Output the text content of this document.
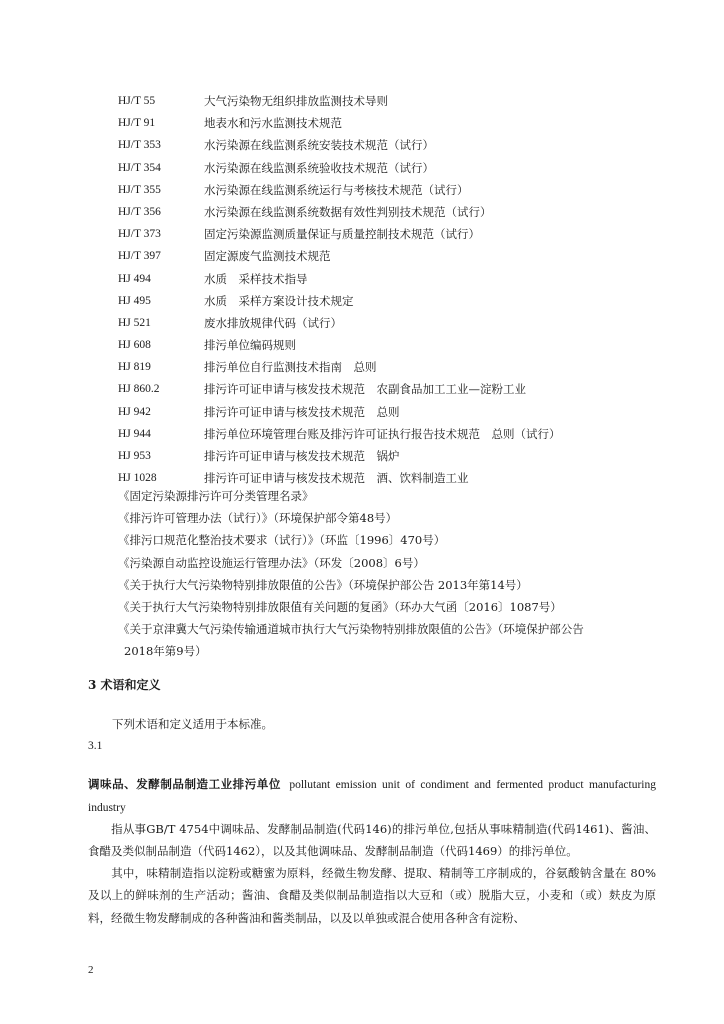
HJ/T 55	大气污染物无组织排放监测技术导则
HJ/T 91	地表水和污水监测技术规范
HJ/T 353	水污染源在线监测系统安装技术规范（试行）
HJ/T 354	水污染源在线监测系统验收技术规范（试行）
HJ/T 355	水污染源在线监测系统运行与考核技术规范（试行）
HJ/T 356	水污染源在线监测系统数据有效性判别技术规范（试行）
HJ/T 373	固定污染源监测质量保证与质量控制技术规范（试行）
HJ/T 397	固定源废气监测技术规范
HJ 494	水质　采样技术指导
HJ 495	水质　采样方案设计技术规定
HJ 521	废水排放规律代码（试行）
HJ 608	排污单位编码规则
HJ 819	排污单位自行监测技术指南　总则
HJ 860.2	排污许可证申请与核发技术规范　农副食品加工工业—淀粉工业
HJ 942	排污许可证申请与核发技术规范　总则
HJ 944	排污单位环境管理台账及排污许可证执行报告技术规范　总则（试行）
HJ 953	排污许可证申请与核发技术规范　锅炉
HJ 1028	排污许可证申请与核发技术规范　酒、饮料制造工业
《固定污染源排污许可分类管理名录》
《排污许可管理办法（试行）》（环境保护部令第48号）
《排污口规范化整治技术要求（试行）》（环监〔1996〕470号）
《污染源自动监控设施运行管理办法》（环发〔2008〕6号）
《关于执行大气污染物特别排放限值的公告》（环境保护部公告 2013年第14号）
《关于执行大气污染物特别排放限值有关问题的复函》（环办大气函〔2016〕1087号）
《关于京津冀大气污染传输通道城市执行大气污染物特别排放限值的公告》（环境保护部公告
2018年第9号）
3 术语和定义
下列术语和定义适用于本标准。
3.1
调味品、发酵制品制造工业排污单位 pollutant emission unit of condiment and fermented product manufacturing industry
指从事GB/T 4754中调味品、发酵制品制造(代码146)的排污单位,包括从事味精制造(代码1461)、酱油、食醋及类似制品制造（代码1462），以及其他调味品、发酵制品制造（代码1469）的排污单位。
其中，味精制造指以淀粉或糖蜜为原料，经微生物发酵、提取、精制等工序制成的，谷氨酸钠含量在 80%及以上的鲜味剂的生产活动；酱油、食醋及类似制品制造指以大豆和（或）脱脂大豆，小麦和（或）麸皮为原料，经微生物发酵制成的各种酱油和酱类制品，以及以单独或混合使用各种含有淀粉、
2
